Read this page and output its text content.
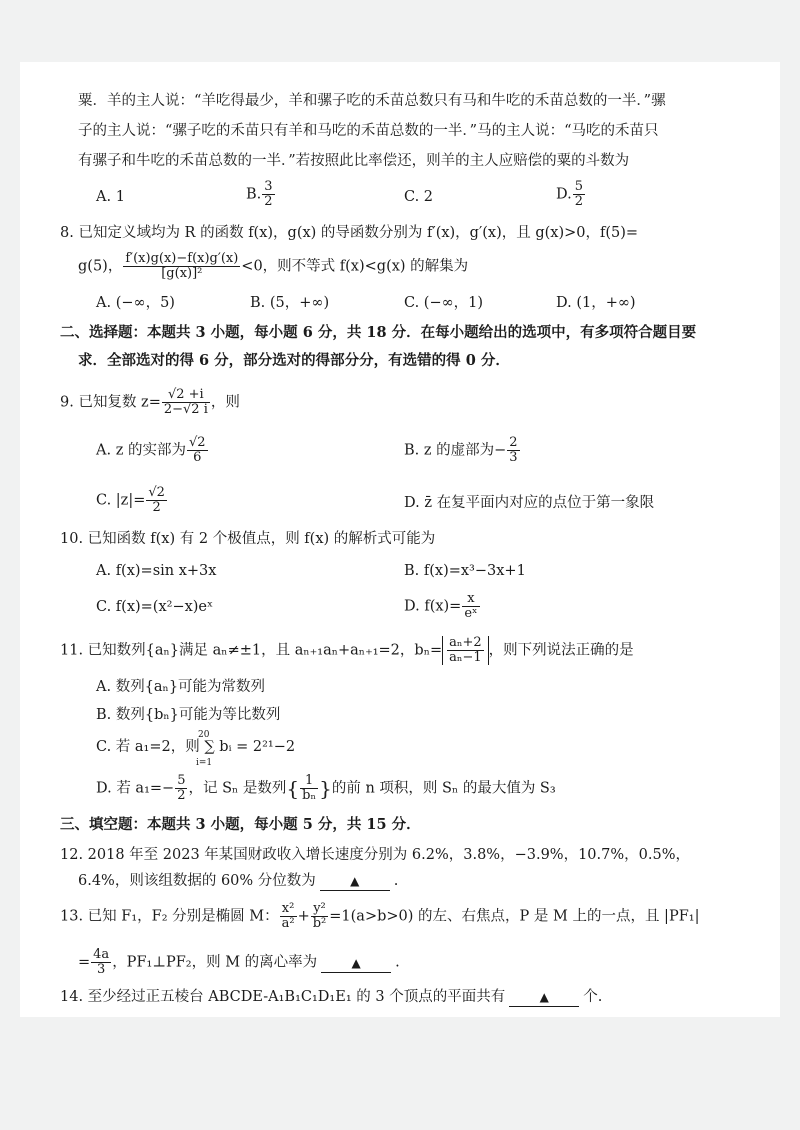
粟．羊的主人说：“羊吃得最少，羊和骡子吃的禾苗总数只有马和牛吃的禾苗总数的一半．”骡
子的主人说：“骡子吃的禾苗只有羊和马吃的禾苗总数的一半．”马的主人说：“马吃的禾苗只
有骡子和牛吃的禾苗总数的一半．”若按照此比率偿还，则羊的主人应赔偿的粟的斗数为
A. 1	B. $\frac{3}{2}$	C. 2	D. $\frac{5}{2}$
8. 已知定义域均为 R 的函数 f(x)，g(x) 的导函数分别为 f′(x)，g′(x)，且 g(x)>0，f(5)=
g(5)， $\frac{f'(x)g(x)-f(x)g'(x)}{\text{[g(x)]²}} <0$，则不等式 f(x)<g(x) 的解集为
A. (−∞，5)	B. (5，+∞)	C. (−∞，1)	D. (1，+∞)
二、选择题：本题共 3 小题，每小题 6 分，共 18 分．在每小题给出的选项中，有多项符合题目要
求．全部选对的得 6 分，部分选对的得部分分，有选错的得 0 分．
9. 已知复数 $z= \frac{√2 +i}{2-√2 i}$ ，则
A. z 的实部为 $\frac{√2}{6}$	B. z 的虚部为− $\frac{2}{3}$
C. $|z|= \frac{√2}{2}$	D. z̄ 在复平面内对应的点位于第一象限
10. 已知函数 f(x) 有 2 个极值点，则 f(x) 的解析式可能为
A. f(x)=sin x+3x	B. f(x)=x³−3x+1
C. f(x)=(x²−x)eˣ	D. $f(x)= \frac{x}{\text{eˣ}}$
11. 已知数列{aₙ}满足 aₙ≠±1，且 aₙ₊₁aₙ+aₙ₊₁=2，$b_n= \frac{\text{aₙ+2}}{\text{aₙ−1}}$ ，则下列说法正确的是
A. 数列{aₙ}可能为常数列
B. 数列{bₙ}可能为等比数列
C. 若 a₁=2，则 ∑ bᵢ = 2²¹−2
20
i=1
D. 若 $a_1=- \frac{5}{2}$ ，记 Sₙ 是数列{ $\frac{1}{\text{bₙ}}$ }的前 n 项积，则 Sₙ 的最大值为 S₃
三、填空题：本题共 3 小题，每小题 5 分，共 15 分．
12. 2018 年至 2023 年某国财政收入增长速度分别为 6.2%，3.8%，−3.9%，10.7%，0.5%，
6.4%，则该组数据的 60% 分位数为	▲ .
13. 已知 F₁，F₂ 分别是椭圆 M： $\frac{\text{x²}}{\text{a²}} + \frac{\text{y²}}{\text{b²}} =1(a>b>0)$ 的左、右焦点，P 是 M 上的一点，且 |PF₁|
= $\frac{4a}{3}$ ，PF₁⊥PF₂，则 M 的离心率为	▲ .
14. 至少经过正五棱台 ABCDE-A₁B₁C₁D₁E₁ 的 3 个顶点的平面共有	▲ 个.
